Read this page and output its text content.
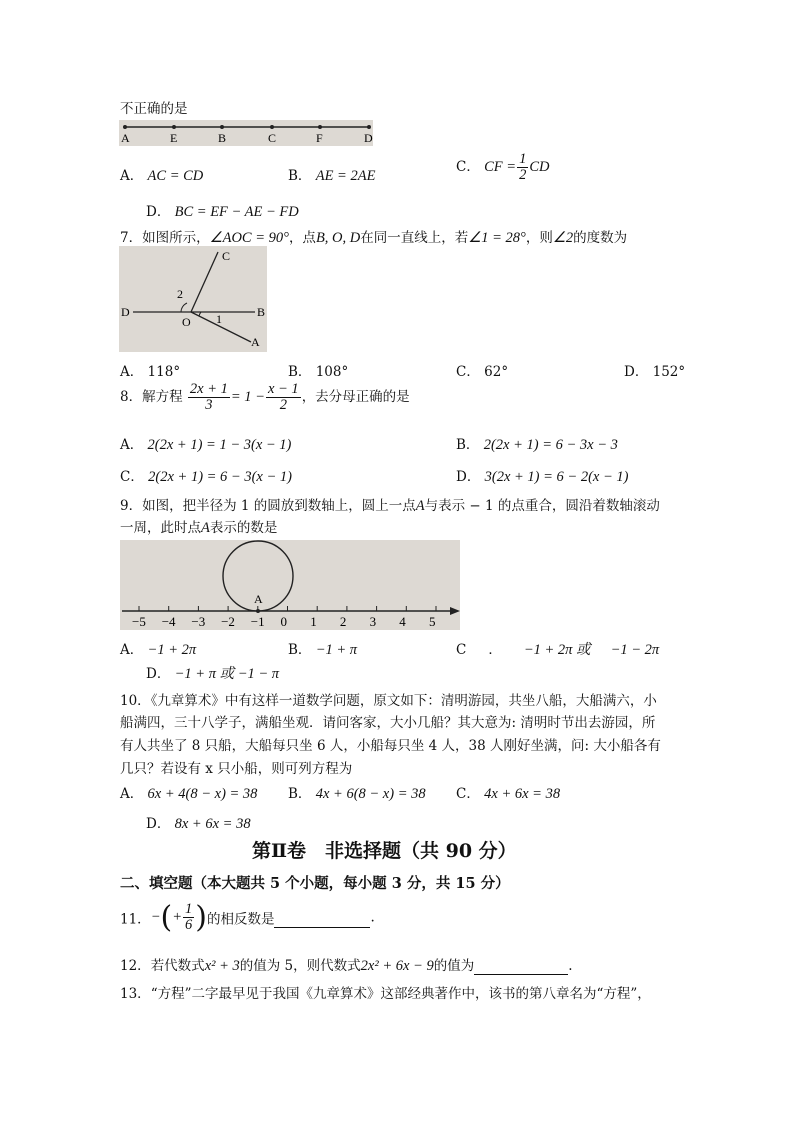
不正确的是
A	E	B	C	F	D
A． AC = CD	B． AE = 2AE
C． CF = $\frac{1}{2}$ CD
D． BC = EF − AE − FD
7．如图所示，∠AOC = 90°，点B, O, D在同一直线上，若∠1 = 28°，则∠2的度数为
C
D
O
B
A
1
2
A． 118°	B． 108°	C． 62°	D． 152°
8．解方程 $\frac{2x + 1}{3} = 1 - \frac{x - 1}{2}$ ，去分母正确的是
A． 2(2x + 1) = 1 − 3(x − 1)	B． 2(2x + 1) = 6 − 3x − 3
C． 2(2x + 1) = 6 − 3(x − 1)	D． 3(2x + 1) = 6 − 2(x − 1)
9．如图，把半径为 1 的圆放到数轴上，圆上一点A与表示 − 1 的点重合，圆沿着数轴滚动
一周，此时点A表示的数是
A
−5 −4 −3 −2 −1 0 1 2 3 4 5
A． −1 + 2π	B． −1 + π	C ． −1 + 2π 或 −1 − 2π
D． −1 + π 或 −1 − π
10．《九章算术》中有这样一道数学问题，原文如下：清明游园，共坐八船，大船满六，小
船满四，三十八学子，满船坐观．请问客家，大小几船？其大意为: 清明时节出去游园，所
有人共坐了 8 只船，大船每只坐 6 人，小船每只坐 4 人，38 人刚好坐满，问: 大小船各有
几只？若设有 x 只小船，则可列方程为
A． 6x + 4(8 − x) = 38 B． 4x + 6(8 − x) = 38 C． 4x + 6x = 38
D． 8x + 6x = 38
第Ⅱ卷　非选择题（共 90 分）
二、填空题（本大题共 5 个小题，每小题 3 分，共 15 分）
11．−(+ $\frac{1}{6}$ )的相反数是	.
12．若代数式x² + 3的值为 5，则代数式2x² + 6x − 9的值为	.
13．“方程”二字最早见于我国《九章算术》这部经典著作中，该书的第八章名为“方程”，
